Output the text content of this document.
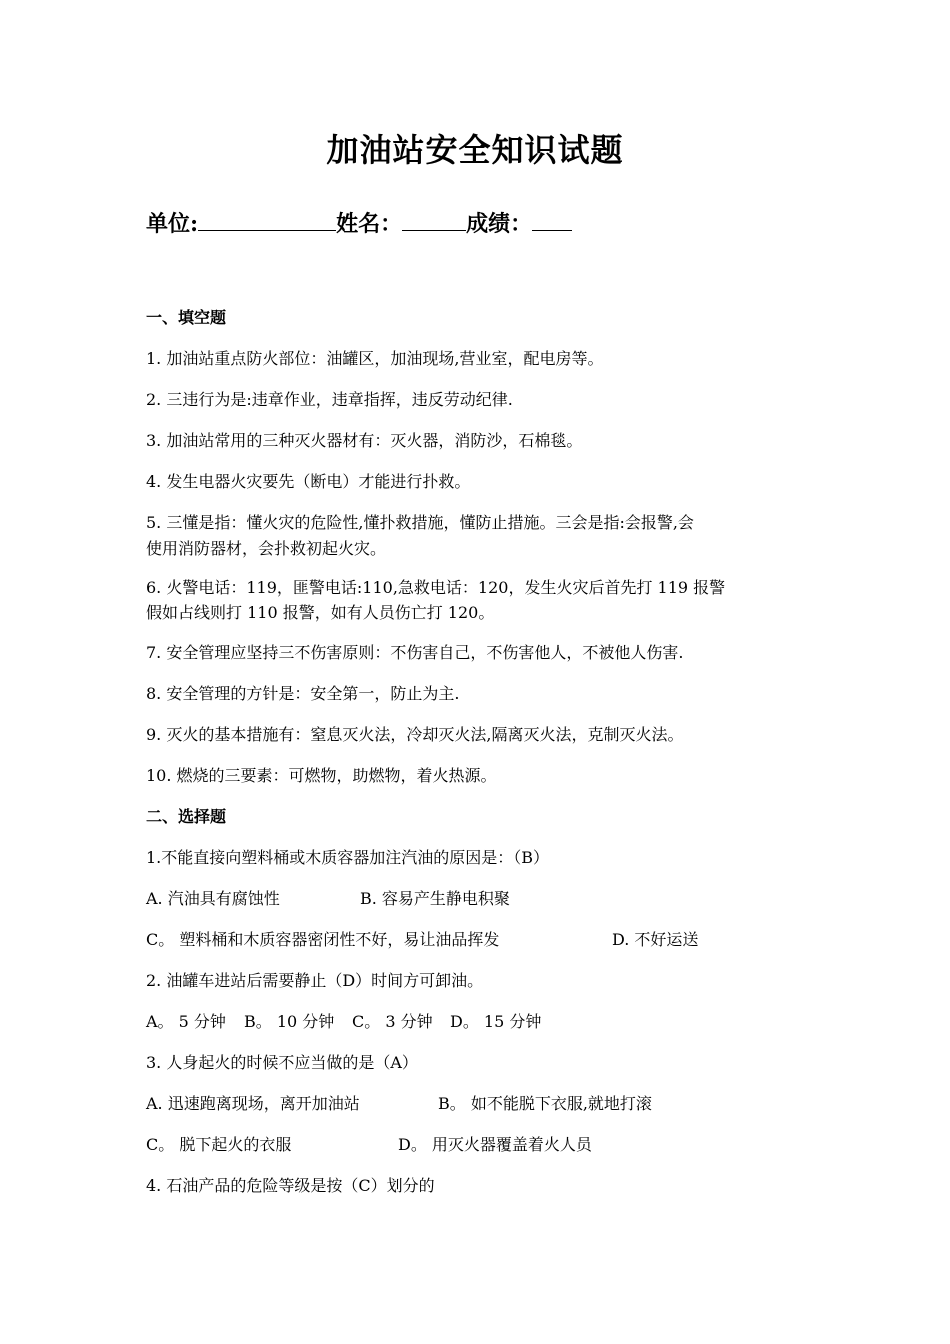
加油站安全知识试题
单位:	姓名：	成绩：
一、填空题
1. 加油站重点防火部位：油罐区，加油现场,营业室，配电房等。
2. 三违行为是:违章作业，违章指挥，违反劳动纪律.
3. 加油站常用的三种灭火器材有：灭火器，消防沙，石棉毯。
4. 发生电器火灾要先（断电）才能进行扑救。
5. 三懂是指：懂火灾的危险性,懂扑救措施，懂防止措施。三会是指:会报警,会
使用消防器材，会扑救初起火灾。
6. 火警电话：119，匪警电话:110,急救电话：120，发生火灾后首先打 119 报警
假如占线则打 110 报警，如有人员伤亡打 120。
7. 安全管理应坚持三不伤害原则：不伤害自己，不伤害他人，不被他人伤害.
8. 安全管理的方针是：安全第一，防止为主.
9. 灭火的基本措施有：窒息灭火法，冷却灭火法,隔离灭火法，克制灭火法。
10. 燃烧的三要素：可燃物，助燃物，着火热源。
二、选择题
1.不能直接向塑料桶或木质容器加注汽油的原因是：（B）
A. 汽油具有腐蚀性	B. 容易产生静电积聚
C。 塑料桶和木质容器密闭性不好，易让油品挥发	D. 不好运送
2. 油罐车进站后需要静止（D）时间方可卸油。
A。 5 分钟 B。 10 分钟 C。 3 分钟 D。 15 分钟
3. 人身起火的时候不应当做的是（A）
A. 迅速跑离现场，离开加油站	B。 如不能脱下衣服,就地打滚
C。 脱下起火的衣服	D。 用灭火器覆盖着火人员
4. 石油产品的危险等级是按（C）划分的
